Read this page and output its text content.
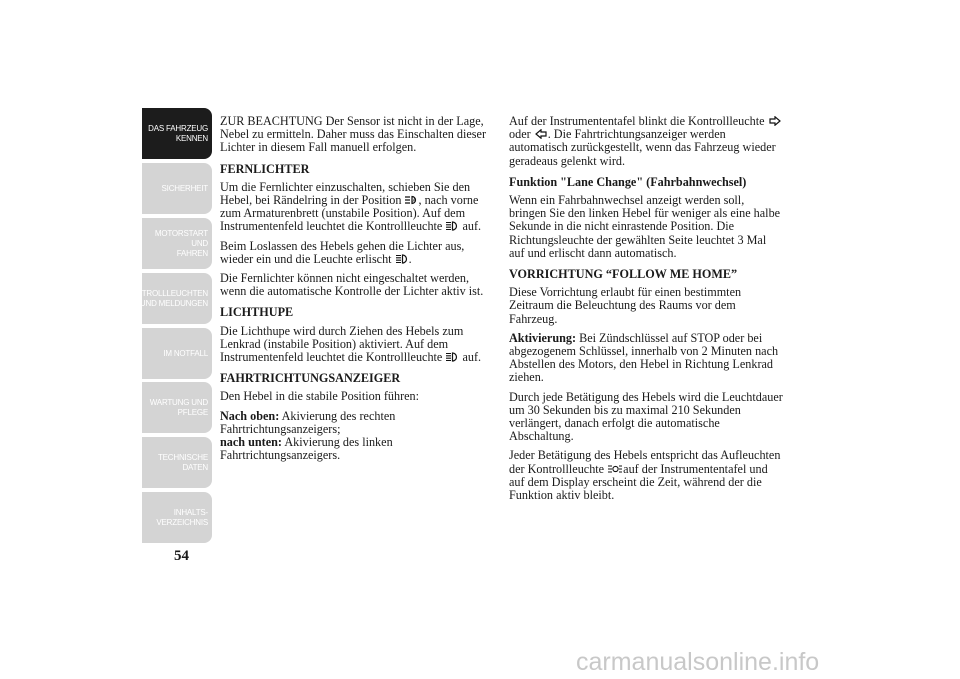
DAS FAHRZEUG
KENNEN
SICHERHEIT
MOTORSTART UND
FAHREN
KONTROLLLEUCHTEN
UND MELDUNGEN
IM NOTFALL
WARTUNG UND
PFLEGE
TECHNISCHE
DATEN
INHALTS-
VERZEICHNIS
54

ZUR BEACHTUNG Der Sensor ist nicht in der Lage, Nebel zu ermitteln. Daher muss das Einschalten dieser Lichter in diesem Fall manuell erfolgen.

FERNLICHTER

Um die Fernlichter einzuschalten, schieben Sie den Hebel, bei Rändelring in der Position	A , nach vorne zum Armaturenbrett (unstabile Position). Auf dem Instrumentenfeld leuchtet die Kontrollleuchte auf.

Beim Loslassen des Hebels gehen die Lichter aus, wieder ein und die Leuchte erlischt .

Die Fernlichter können nicht eingeschaltet werden, wenn die automatische Kontrolle der Lichter aktiv ist.

LICHTHUPE

Die Lichthupe wird durch Ziehen des Hebels zum Lenkrad (instabile Position) aktiviert. Auf dem Instrumentenfeld leuchtet die Kontrollleuchte auf.

FAHRTRICHTUNGSANZEIGER

Den Hebel in die stabile Position führen:

Nach oben: Akivierung des rechten Fahrtrichtungsanzeigers;
nach unten: Akivierung des linken Fahrtrichtungsanzeigers.

Auf der Instrumententafel blinkt die Kontrollleuchte oder . Die Fahrtrichtungsanzeiger werden automatisch zurückgestellt, wenn das Fahrzeug wieder geradeaus gelenkt wird.

Funktion "Lane Change" (Fahrbahnwechsel)

Wenn ein Fahrbahnwechsel anzeigt werden soll, bringen Sie den linken Hebel für weniger als eine halbe Sekunde in die nicht einrastende Position. Die Richtungsleuchte der gewählten Seite leuchtet 3 Mal auf und erlischt dann automatisch.

VORRICHTUNG “FOLLOW ME HOME”

Diese Vorrichtung erlaubt für einen bestimmten Zeitraum die Beleuchtung des Raums vor dem Fahrzeug.

Aktivierung: Bei Zündschlüssel auf STOP oder bei abgezogenem Schlüssel, innerhalb von 2 Minuten nach Abstellen des Motors, den Hebel in Richtung Lenkrad ziehen.

Durch jede Betätigung des Hebels wird die Leuchtdauer um 30 Sekunden bis zu maximal 210 Sekunden verlängert, danach erfolgt die automatische Abschaltung.

Jeder Betätigung des Hebels entspricht das Aufleuchten der Kontrollleuchte auf der Instrumententafel und auf dem Display erscheint die Zeit, während der die Funktion aktiv bleibt.

carmanualsonline.info
